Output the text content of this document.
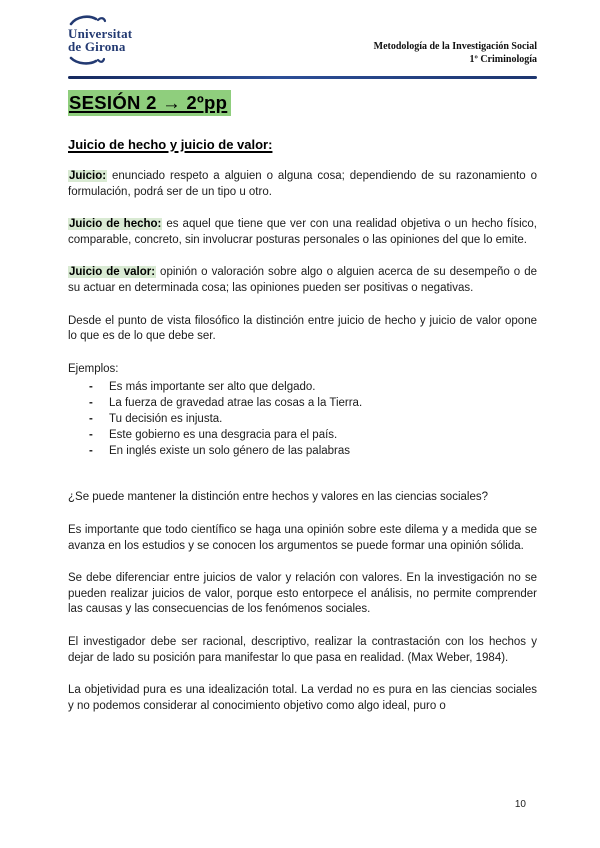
Universitat
de Girona	Metodología de la Investigación Social
1º Criminología
SESIÓN 2 → 2ºpp
Juicio de hecho y juicio de valor:

Juicio: enunciado respeto a alguien o alguna cosa; dependiendo de su razonamiento o formulación, podrá ser de un tipo u otro.

Juicio de hecho: es aquel que tiene que ver con una realidad objetiva o un hecho físico, comparable, concreto, sin involucrar posturas personales o las opiniones del que lo emite.

Juicio de valor: opinión o valoración sobre algo o alguien acerca de su desempeño o de su actuar en determinada cosa; las opiniones pueden ser positivas o negativas.

Desde el punto de vista filosófico la distinción entre juicio de hecho y juicio de valor opone lo que es de lo que debe ser.

Ejemplos:

-	Es más importante ser alto que delgado.
-	La fuerza de gravedad atrae las cosas a la Tierra.
-	Tu decisión es injusta.
-	Este gobierno es una desgracia para el país.
-	En inglés existe un solo género de las palabras

¿Se puede mantener la distinción entre hechos y valores en las ciencias sociales?

Es importante que todo científico se haga una opinión sobre este dilema y a medida que se avanza en los estudios y se conocen los argumentos se puede formar una opinión sólida.

Se debe diferenciar entre juicios de valor y relación con valores. En la investigación no se pueden realizar juicios de valor, porque esto entorpece el análisis, no permite comprender las causas y las consecuencias de los fenómenos sociales.

El investigador debe ser racional, descriptivo, realizar la contrastación con los hechos y dejar de lado su posición para manifestar lo que pasa en realidad. (Max Weber, 1984).

La objetividad pura es una idealización total. La verdad no es pura en las ciencias sociales y no podemos considerar al conocimiento objetivo como algo ideal, puro o

10
